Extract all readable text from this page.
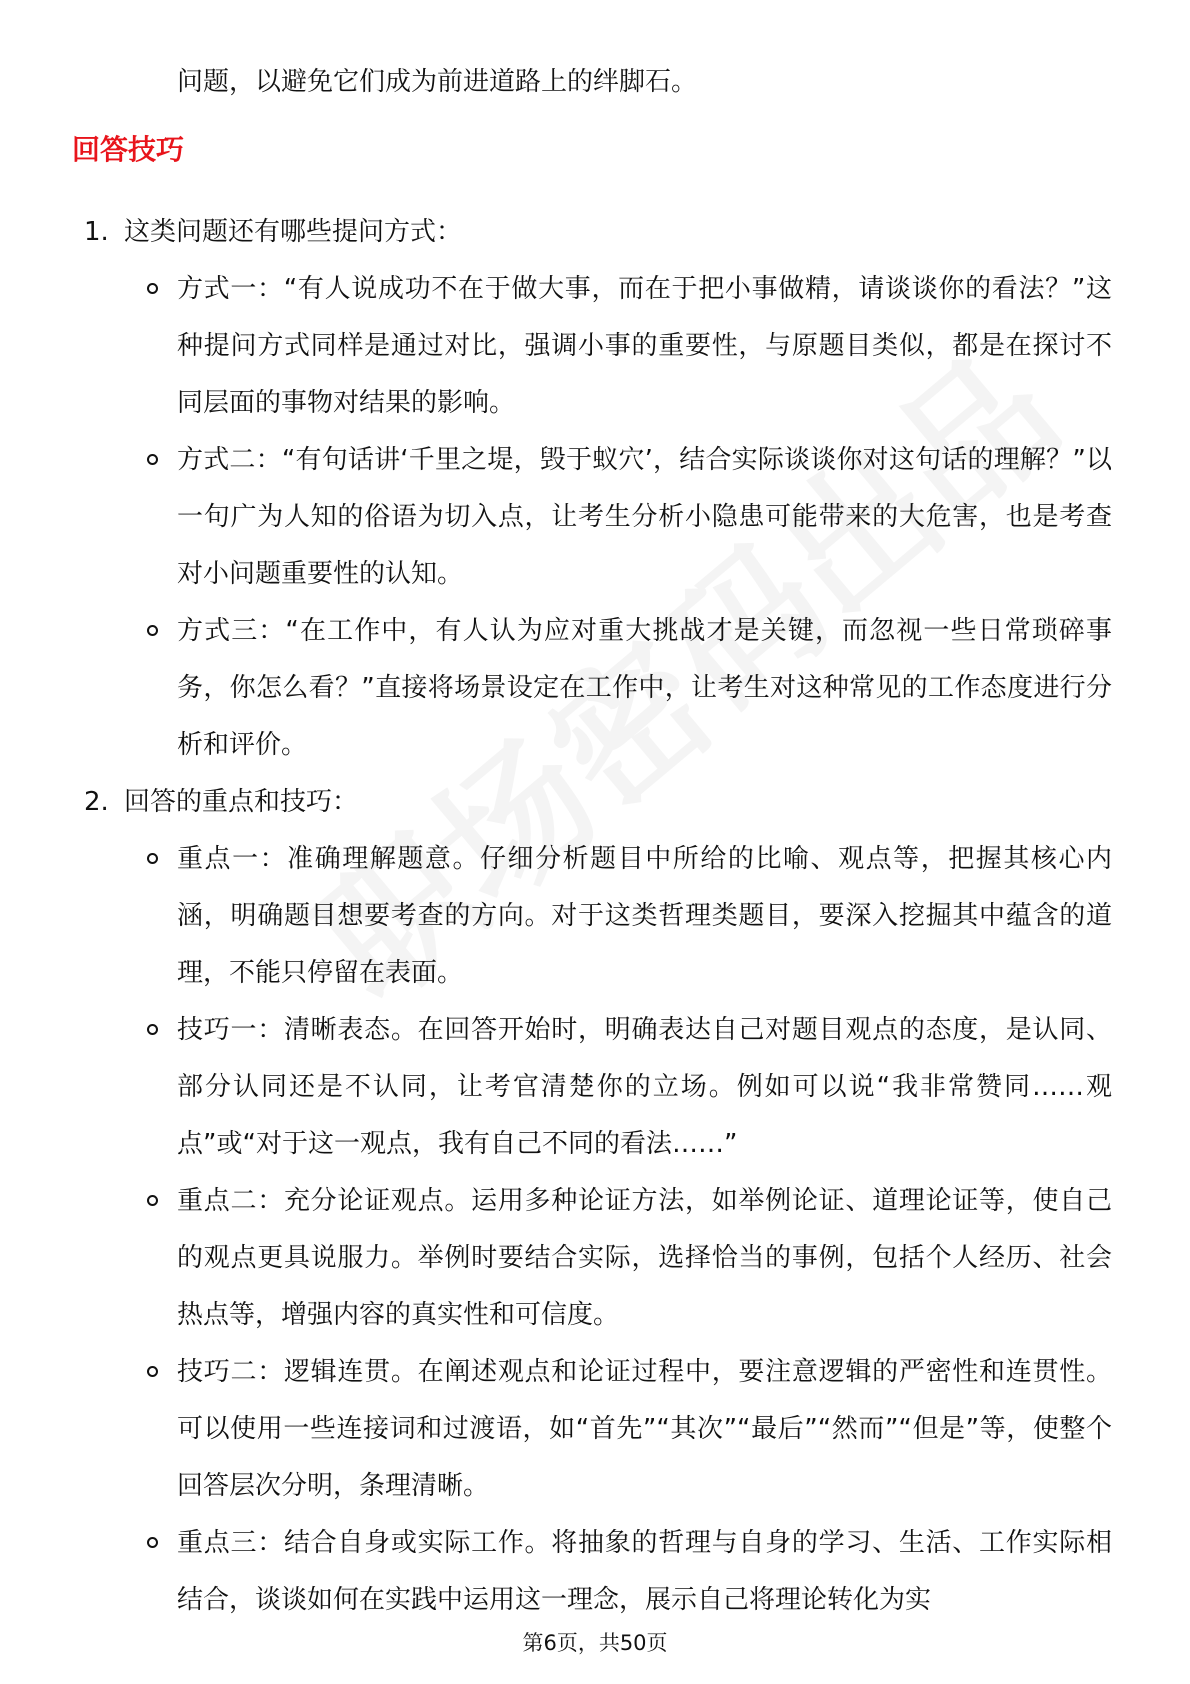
问题，以避免它们成为前进道路上的绊脚石。
回答技巧
1. 这类问题还有哪些提问方式：

方式一：“有人说成功不在于做大事，而在于把小事做精，请谈谈你的看法？”这种提问方式同样是通过对比，强调小事的重要性，与原题目类似，都是在探讨不同层面的事物对结果的影响。

方式二：“有句话讲‘千里之堤，毁于蚁穴’，结合实际谈谈你对这句话的理解？”以一句广为人知的俗语为切入点，让考生分析小隐患可能带来的大危害，也是考查对小问题重要性的认知。

方式三：“在工作中，有人认为应对重大挑战才是关键，而忽视一些日常琐碎事务，你怎么看？”直接将场景设定在工作中，让考生对这种常见的工作态度进行分析和评价。

2. 回答的重点和技巧：

重点一：准确理解题意。仔细分析题目中所给的比喻、观点等，把握其核心内涵，明确题目想要考查的方向。对于这类哲理类题目，要深入挖掘其中蕴含的道理，不能只停留在表面。

技巧一：清晰表态。在回答开始时，明确表达自己对题目观点的态度，是认同、部分认同还是不认同，让考官清楚你的立场。例如可以说“我非常赞同……观点”或“对于这一观点，我有自己不同的看法……”

重点二：充分论证观点。运用多种论证方法，如举例论证、道理论证等，使自己的观点更具说服力。举例时要结合实际，选择恰当的事例，包括个人经历、社会热点等，增强内容的真实性和可信度。

技巧二：逻辑连贯。在阐述观点和论证过程中，要注意逻辑的严密性和连贯性。可以使用一些连接词和过渡语，如“首先”“其次”“最后”“然而”“但是”等，使整个回答层次分明，条理清晰。

重点三：结合自身或实际工作。将抽象的哲理与自身的学习、生活、工作实际相结合，谈谈如何在实践中运用这一理念，展示自己将理论转化为实

第6页，共50页
